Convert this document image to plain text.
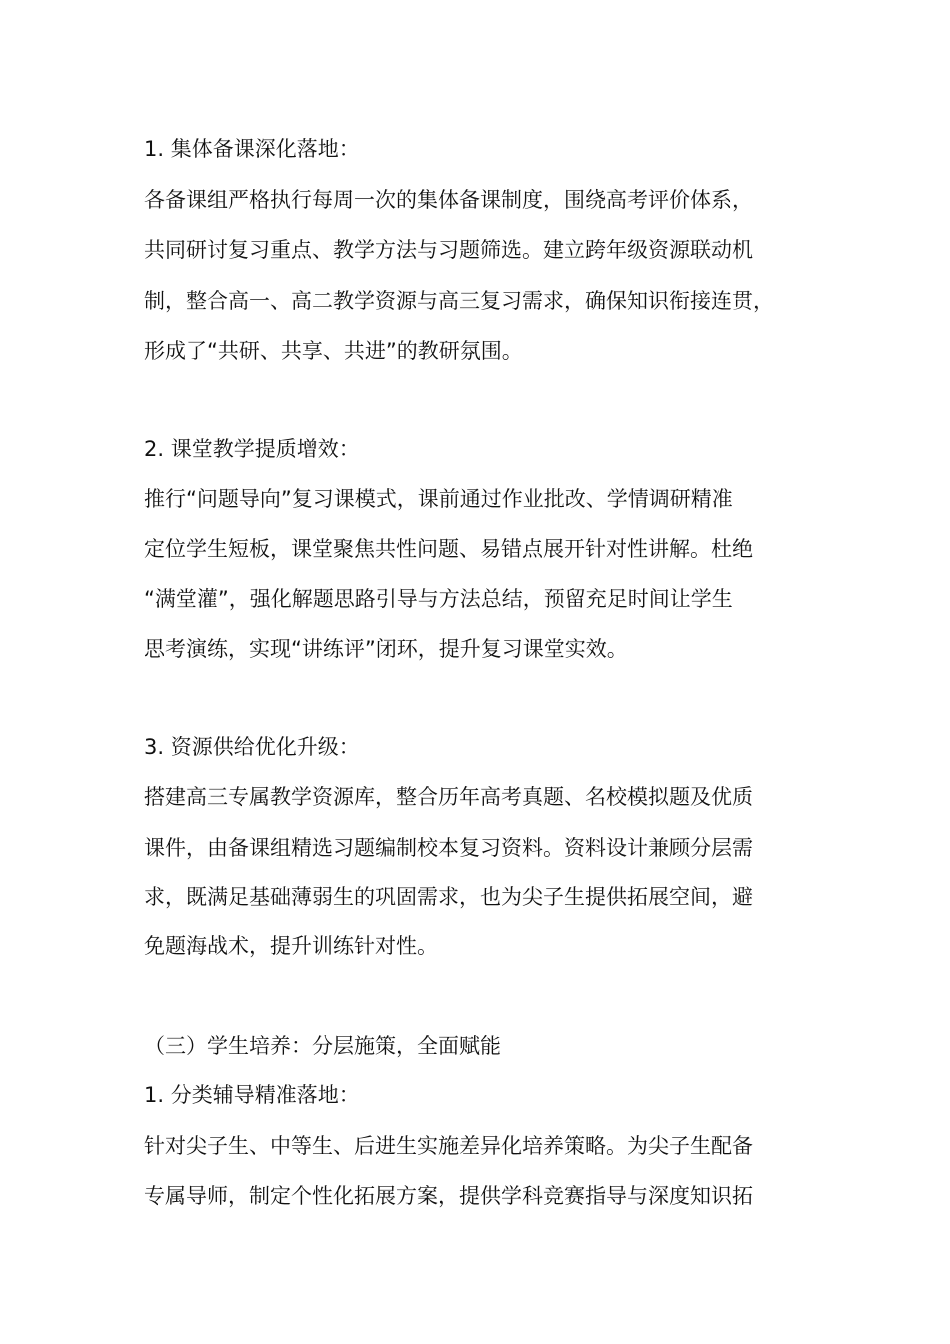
1. 集体备课深化落地：
各备课组严格执行每周一次的集体备课制度，围绕高考评价体系，
共同研讨复习重点、教学方法与习题筛选。建立跨年级资源联动机
制，整合高一、高二教学资源与高三复习需求，确保知识衔接连贯，
形成了“共研、共享、共进”的教研氛围。
2. 课堂教学提质增效：
推行“问题导向”复习课模式，课前通过作业批改、学情调研精准
定位学生短板，课堂聚焦共性问题、易错点展开针对性讲解。杜绝
“满堂灌”，强化解题思路引导与方法总结，预留充足时间让学生
思考演练，实现“讲练评”闭环，提升复习课堂实效。
3. 资源供给优化升级：
搭建高三专属教学资源库，整合历年高考真题、名校模拟题及优质
课件，由备课组精选习题编制校本复习资料。资料设计兼顾分层需
求，既满足基础薄弱生的巩固需求，也为尖子生提供拓展空间，避
免题海战术，提升训练针对性。
（三）学生培养：分层施策，全面赋能
1. 分类辅导精准落地：
针对尖子生、中等生、后进生实施差异化培养策略。为尖子生配备
专属导师，制定个性化拓展方案，提供学科竞赛指导与深度知识拓
